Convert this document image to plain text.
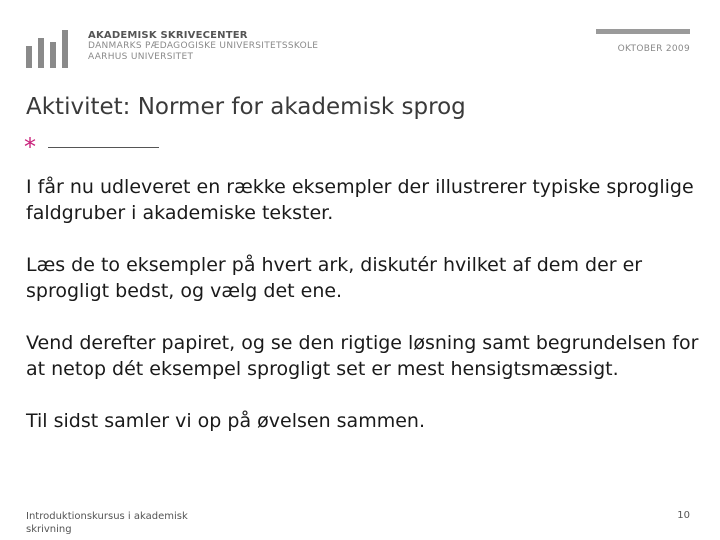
AKADEMISK SKRIVECENTER
DANMARKS PÆDAGOGISKE UNIVERSITETSSKOLE
AARHUS UNIVERSITET
OKTOBER 2009
Aktivitet: Normer for akademisk sprog
*

I får nu udleveret en række eksempler der illustrerer typiske sproglige faldgruber i akademiske tekster.

Læs de to eksempler på hvert ark, diskutér hvilket af dem der er sprogligt bedst, og vælg det ene.

Vend derefter papiret, og se den rigtige løsning samt begrundelsen for at netop dét eksempel sprogligt set er mest hensigtsmæssigt.

Til sidst samler vi op på øvelsen sammen.

Introduktionskursus i akademisk skrivning
10
